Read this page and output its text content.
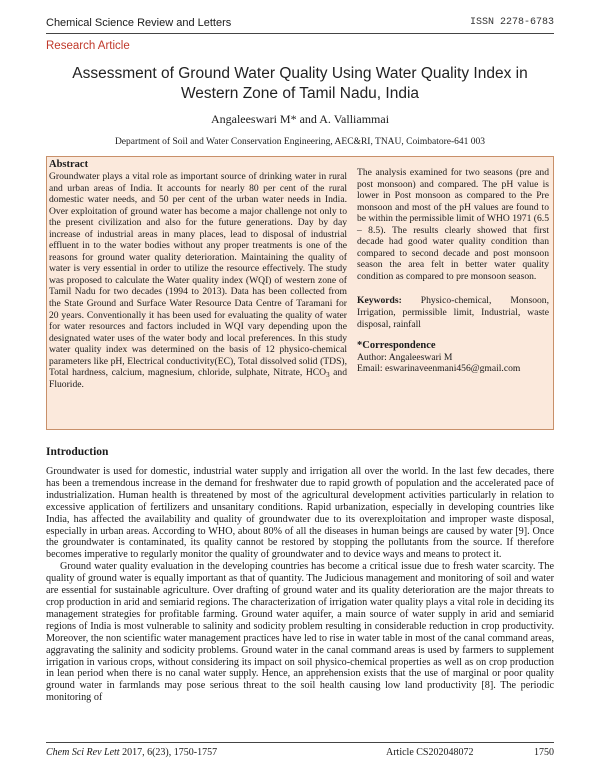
Chemical Science Review and Letters	ISSN 2278-6783
Research Article
Assessment of Ground Water Quality Using Water Quality Index in Western Zone of Tamil Nadu, India
Angaleeswari M* and A. Valliammai
Department of Soil and Water Conservation Engineering, AEC&RI, TNAU, Coimbatore-641 003
Abstract

Groundwater plays a vital role as important source of drinking water in rural and urban areas of India. It accounts for nearly 80 per cent of the rural domestic water needs, and 50 per cent of the urban water needs in India. Over exploitation of ground water has become a major challenge not only to the present civilization and also for the future generations. Day by day increase of industrial areas in many places, lead to disposal of industrial effluent in to the water bodies without any proper treatments is one of the reasons for ground water quality deterioration. Maintaining the quality of water is very essential in order to utilize the resource effectively. The study was proposed to calculate the Water quality index (WQI) of western zone of Tamil Nadu for two decades (1994 to 2013). Data has been collected from the State Ground and Surface Water Resource Data Centre of Taramani for 20 years. Conventionally it has been used for evaluating the quality of water for water resources and factors included in WQI vary depending upon the designated water uses of the water body and local preferences. In this study water quality index was determined on the basis of 12 physico-chemical parameters like pH, Electrical conductivity(EC), Total dissolved solid (TDS), Total hardness, calcium, magnesium, chloride, sulphate, Nitrate, $HCO_3$ and Fluoride.

The analysis examined for two seasons (pre and post monsoon) and compared. The pH value is lower in Post monsoon as compared to the Pre monsoon and most of the pH values are found to be within the permissible limit of WHO 1971 (6.5 – 8.5). The results clearly showed that first decade had good water quality condition than compared to second decade and post monsoon season the area felt in better water quality condition as compared to pre monsoon season.

Keywords: Physico-chemical, Monsoon, Irrigation, permissible limit, Industrial, waste disposal, rainfall

*Correspondence

Author: Angaleeswari M

Email: eswarinaveenmani456@gmail.com

Introduction

Groundwater is used for domestic, industrial water supply and irrigation all over the world. In the last few decades, there has been a tremendous increase in the demand for freshwater due to rapid growth of population and the accelerated pace of industrialization. Human health is threatened by most of the agricultural development activities particularly in relation to excessive application of fertilizers and unsanitary conditions. Rapid urbanization, especially in developing countries like India, has affected the availability and quality of groundwater due to its overexploitation and improper waste disposal, especially in urban areas. According to WHO, about 80% of all the diseases in human beings are caused by water [9]. Once the groundwater is contaminated, its quality cannot be restored by stopping the pollutants from the source. If therefore becomes imperative to regularly monitor the quality of groundwater and to device ways and means to protect it.

Ground water quality evaluation in the developing countries has become a critical issue due to fresh water scarcity. The quality of ground water is equally important as that of quantity. The Judicious management and monitoring of soil and water are essential for sustainable agriculture. Over drafting of ground water and its quality deterioration are the major threats to crop production in arid and semiarid regions. The characterization of irrigation water quality plays a vital role in deciding its management strategies for profitable farming. Ground water aquifer, a main source of water supply in arid and semiarid regions of India is most vulnerable to salinity and sodicity problem resulting in considerable reduction in crop productivity. Moreover, the non scientific water management practices have led to rise in water table in most of the canal command areas, aggravating the salinity and sodicity problems. Ground water in the canal command areas is used by farmers to supplement irrigation in various crops, without considering its impact on soil physico-chemical properties as well as on crop production in lean period when there is no canal water supply. Hence, an apprehension exists that the use of marginal or poor quality ground water in farmlands may pose serious threat to the soil health causing low land productivity [8]. The periodic monitoring of

Chem Sci Rev Lett 2017, 6(23), 1750-1757	Article CS202048072	1750
